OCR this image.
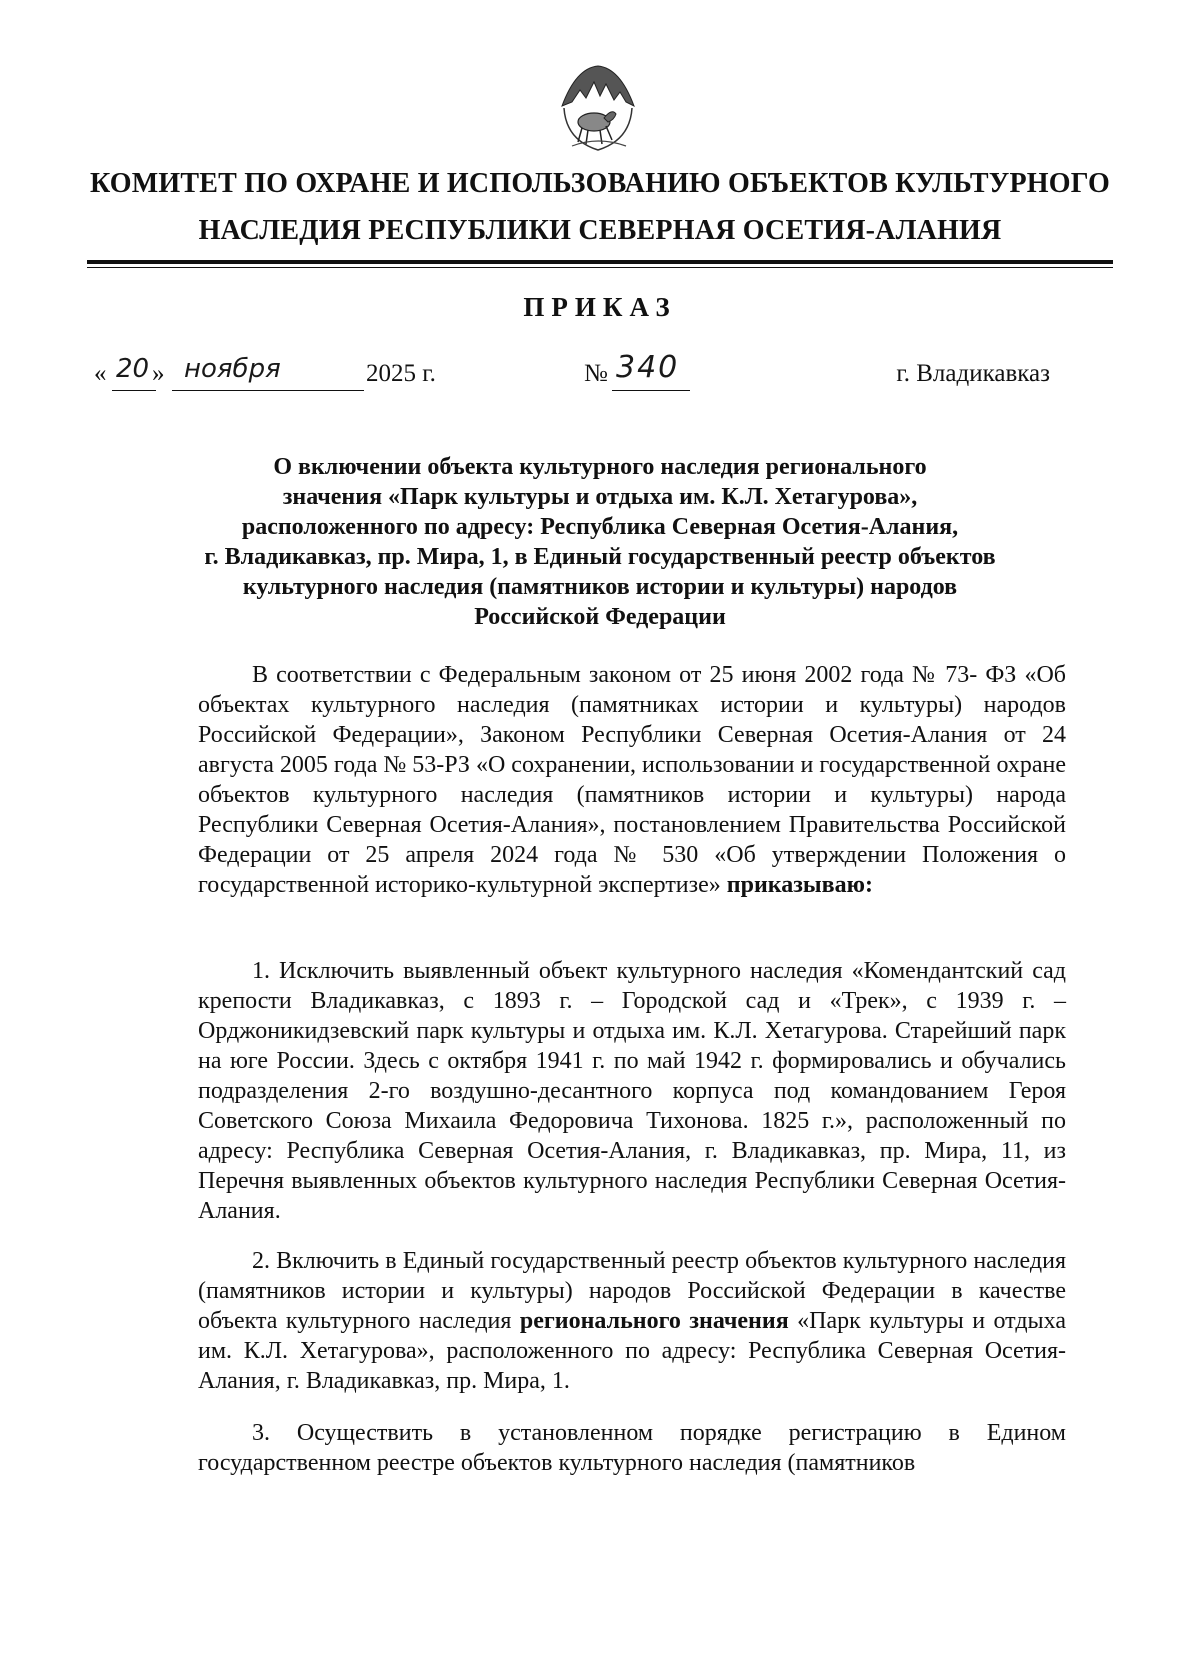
КОМИТЕТ ПО ОХРАНЕ И ИСПОЛЬЗОВАНИЮ ОБЪЕКТОВ КУЛЬТУРНОГО
НАСЛЕДИЯ РЕСПУБЛИКИ СЕВЕРНАЯ ОСЕТИЯ-АЛАНИЯ
ПРИКАЗ
« 20 » ноября	2025 г.	№ 340	г. Владикавказ
О включении объекта культурного наследия регионального
значения «Парк культуры и отдыха им. К.Л. Хетагурова»,
расположенного по адресу: Республика Северная Осетия-Алания,
г. Владикавказ, пр. Мира, 1, в Единый государственный реестр объектов
культурного наследия (памятников истории и культуры) народов
Российской Федерации

В соответствии с Федеральным законом от 25 июня 2002 года № 73- ФЗ «Об объектах культурного наследия (памятниках истории и культуры) народов Российской Федерации», Законом Республики Северная Осетия-Алания от 24 августа 2005 года № 53-РЗ «О сохранении, использовании и государственной охране объектов культурного наследия (памятников истории и культуры) народа Республики Северная Осетия-Алания», постановлением Правительства Российской Федерации от 25 апреля 2024 года № 530 «Об утверждении Положения о государственной историко-культурной экспертизе» приказываю:

1. Исключить выявленный объект культурного наследия «Комендантский сад крепости Владикавказ, с 1893 г. – Городской сад и «Трек», с 1939 г. – Орджоникидзевский парк культуры и отдыха им. К.Л. Хетагурова. Старейший парк на юге России. Здесь с октября 1941 г. по май 1942 г. формировались и обучались подразделения 2-го воздушно-десантного корпуса под командованием Героя Советского Союза Михаила Федоровича Тихонова. 1825 г.», расположенный по адресу: Республика Северная Осетия-Алания, г. Владикавказ, пр. Мира, 11, из Перечня выявленных объектов культурного наследия Республики Северная Осетия-Алания.

2. Включить в Единый государственный реестр объектов культурного наследия (памятников истории и культуры) народов Российской Федерации в качестве объекта культурного наследия регионального значения «Парк культуры и отдыха им. К.Л. Хетагурова», расположенного по адресу: Республика Северная Осетия-Алания, г. Владикавказ, пр. Мира, 1.

3. Осуществить в установленном порядке регистрацию в Едином государственном реестре объектов культурного наследия (памятников
